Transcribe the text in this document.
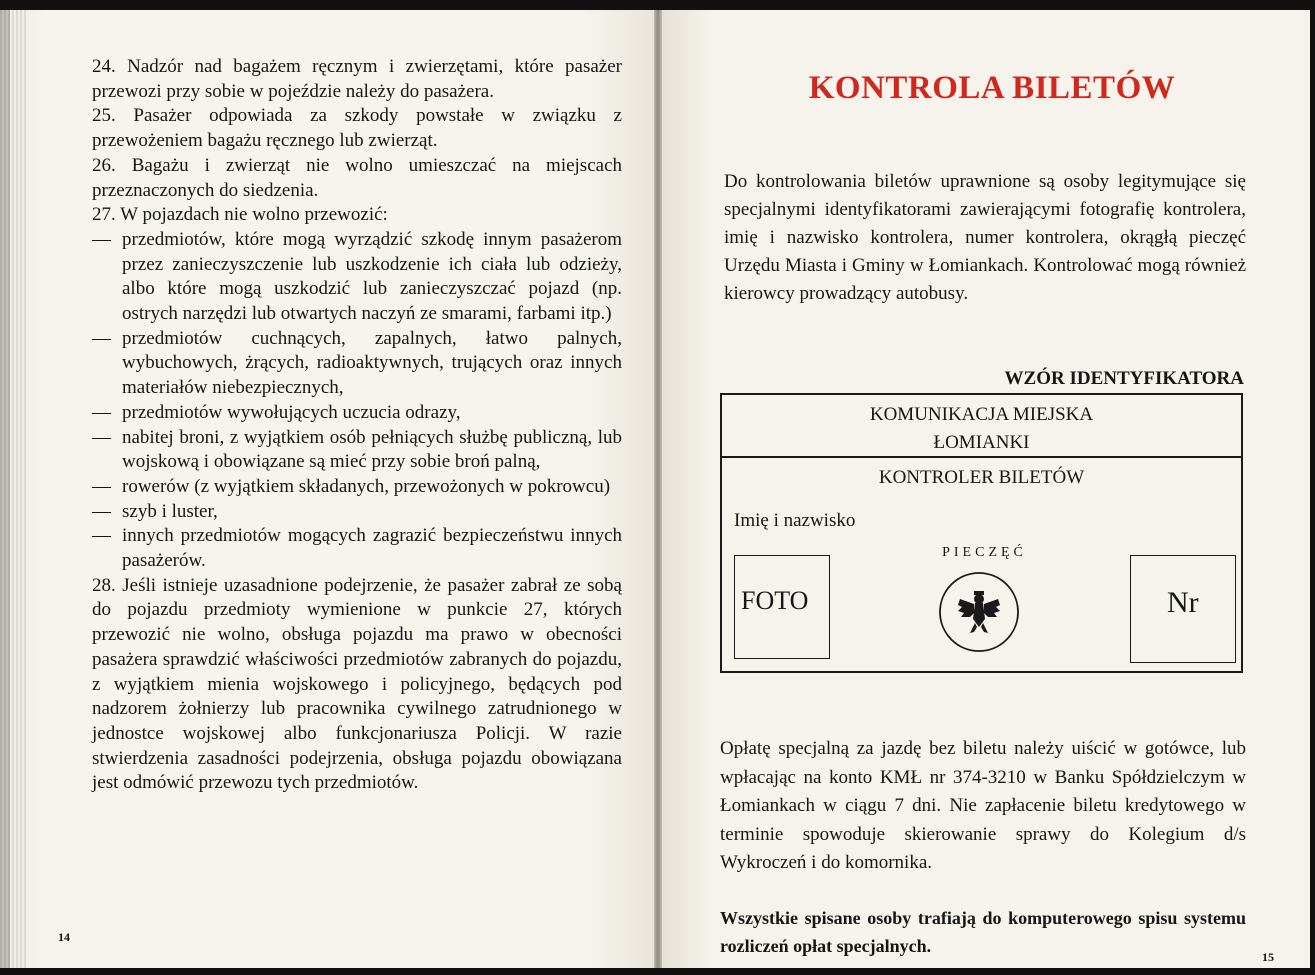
24. Nadzór nad bagażem ręcznym i zwierzętami, które pasażer przewozi przy sobie w pojeździe należy do pasażera.

25. Pasażer odpowiada za szkody powstałe w związku z przewożeniem bagażu ręcznego lub zwierząt.

26. Bagażu i zwierząt nie wolno umieszczać na miejscach przeznaczonych do siedzenia.

27. W pojazdach nie wolno przewozić:

— przedmiotów, które mogą wyrządzić szkodę innym pasażerom przez zanieczyszczenie lub uszkodzenie ich ciała lub odzieży, albo które mogą uszkodzić lub zanieczyszczać pojazd (np. ostrych narzędzi lub otwartych naczyń ze smarami, farbami itp.)
— przedmiotów cuchnących, zapalnych, łatwo palnych, wybuchowych, żrących, radioaktywnych, trujących oraz innych materiałów niebezpiecznych,
— przedmiotów wywołujących uczucia odrazy,
— nabitej broni, z wyjątkiem osób pełniących służbę publiczną, lub wojskową i obowiązane są mieć przy sobie broń palną,
— rowerów (z wyjątkiem składanych, przewożonych w pokrowcu)
— szyb i luster,
— innych przedmiotów mogących zagrazić bezpieczeństwu innych pasażerów.

28. Jeśli istnieje uzasadnione podejrzenie, że pasażer zabrał ze sobą do pojazdu przedmioty wymienione w punkcie 27, których przewozić nie wolno, obsługa pojazdu ma prawo w obecności pasażera sprawdzić właściwości przedmiotów zabranych do pojazdu, z wyjątkiem mienia wojskowego i policyjnego, będących pod nadzorem żołnierzy lub pracownika cywilnego zatrudnionego w jednostce wojskowej albo funkcjonariusza Policji. W razie stwierdzenia zasadności podejrzenia, obsługa pojazdu obowiązana jest odmówić przewozu tych przedmiotów.

14
KONTROLA BILETÓW

Do kontrolowania biletów uprawnione są osoby legitymujące się specjalnymi identyfikatorami zawierającymi fotografię kontrolera, imię i nazwisko kontrolera, numer kontrolera, okrągłą pieczęć Urzędu Miasta i Gminy w Łomiankach. Kontrolować mogą również kierowcy prowadzący autobusy.

WZÓR IDENTYFIKATORA
KOMUNIKACJA MIEJSKA
ŁOMIANKI
KONTROLER BILETÓW
Imię i nazwisko
PIECZĘĆ
FOTO	Nr

Opłatę specjalną za jazdę bez biletu należy uiścić w gotówce, lub wpłacając na konto KMŁ nr 374-3210 w Banku Spółdzielczym w Łomiankach w ciągu 7 dni. Nie zapłacenie biletu kredytowego w terminie spowoduje skierowanie sprawy do Kolegium d/s Wykroczeń i do komornika.

Wszystkie spisane osoby trafiają do komputerowego spisu systemu rozliczeń opłat specjalnych.

15
